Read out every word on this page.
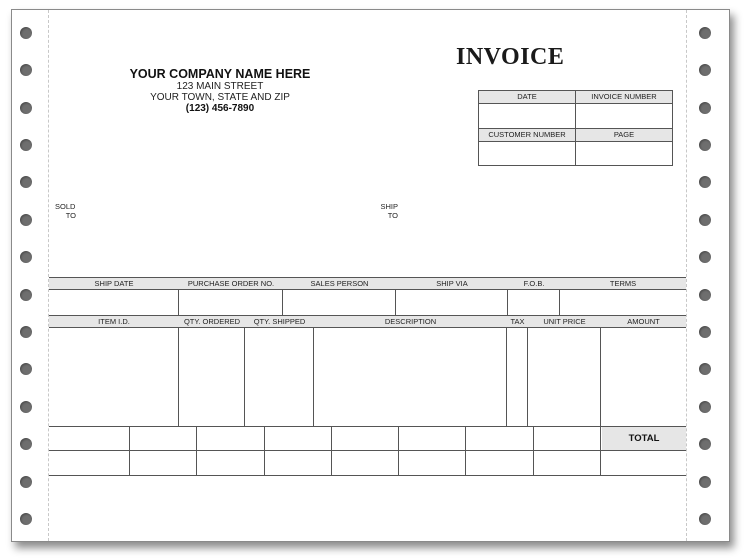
YOUR COMPANY NAME HERE
123 MAIN STREET
YOUR TOWN, STATE AND ZIP
(123) 456-7890
INVOICE
DATE	INVOICE NUMBER
CUSTOMER NUMBER	PAGE
SOLD
TO
SHIP
TO
SHIP DATE	PURCHASE ORDER NO.	SALES PERSON	SHIP VIA	F.O.B.	TERMS
ITEM I.D.	QTY. ORDERED	QTY. SHIPPED	DESCRIPTION	TAX	UNIT PRICE	AMOUNT
TOTAL
